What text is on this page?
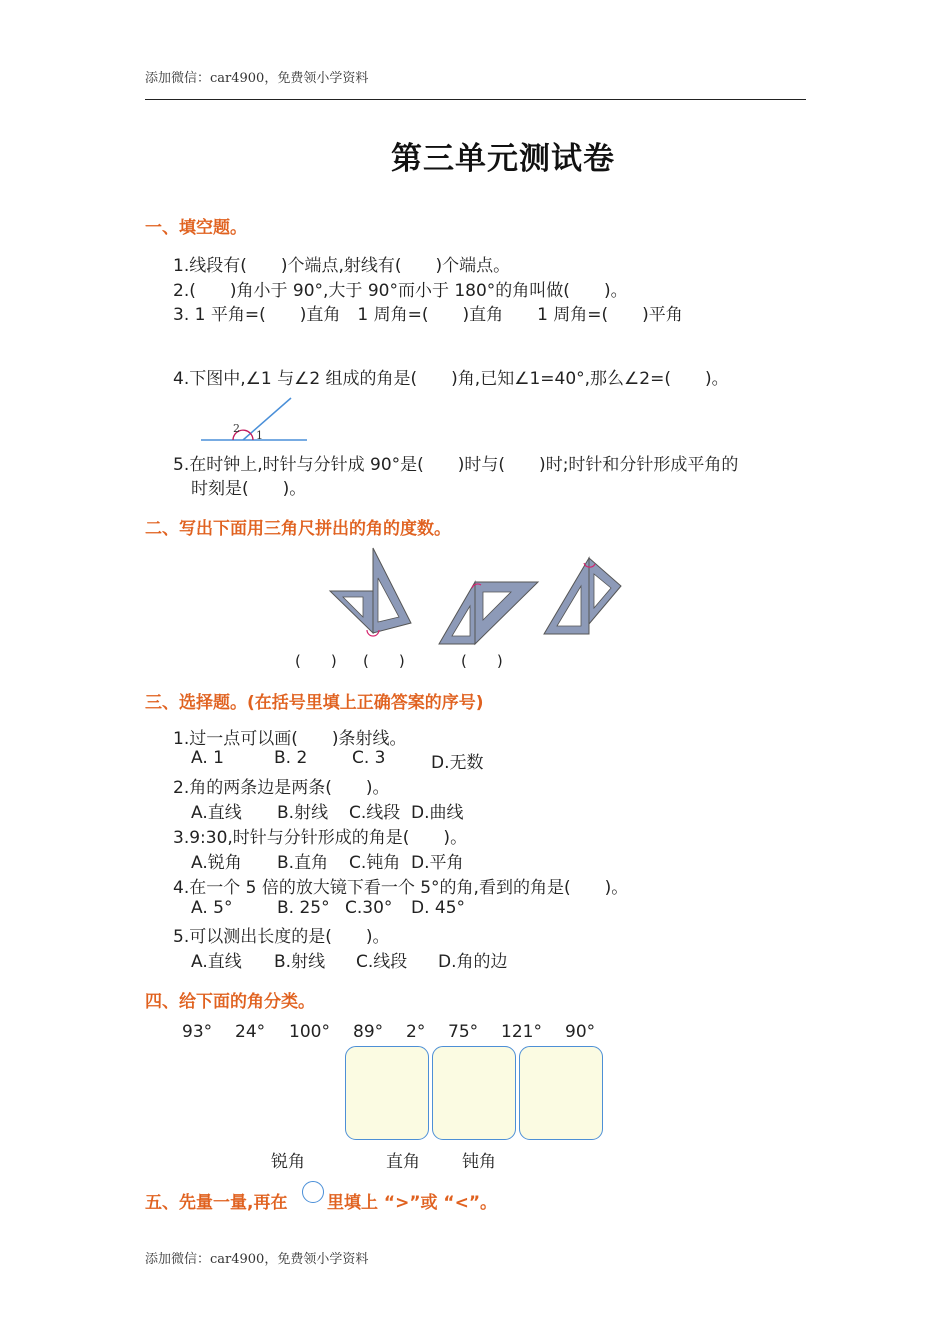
添加微信：car4900，免费领小学资料
第三单元测试卷
一、填空题。
1.线段有(　　)个端点,射线有(　　)个端点。
2.(　　)角小于 90°,大于 90°而小于 180°的角叫做(　　)。
3. 1 平角=(　　)直角　1 周角=(　　)直角　　1 周角=(　　)平角
4.下图中,∠1 与∠2 组成的角是(　　)角,已知∠1=40°,那么∠2=(　　)。
2
1
5.在时钟上,时针与分针成 90°是(　　)时与(　　)时;时针和分针形成平角的
时刻是(　　)。
二、写出下面用三角尺拼出的角的度数。
(　　) (　　)	(　　)
三、选择题。(在括号里填上正确答案的序号)
1.过一点可以画(　　)条射线。
A. 1	B. 2	C. 3	D.无数
2.角的两条边是两条(　　)。
A.直线 B.射线 C.线段 D.曲线
3.9:30,时针与分针形成的角是(　　)。
A.锐角 B.直角 C.钝角 D.平角
4.在一个 5 倍的放大镜下看一个 5°的角,看到的角是(　　)。
A. 5°	B. 25° C.30° D. 45°
5.可以测出长度的是(　　)。
A.直线 B.射线 C.线段 D.角的边
四、给下面的角分类。
93° 24° 100° 89° 2° 75° 121° 90°
锐角	直角 钝角
五、先量一量,再在 里填上 “>”或 “<”。
添加微信：car4900，免费领小学资料
